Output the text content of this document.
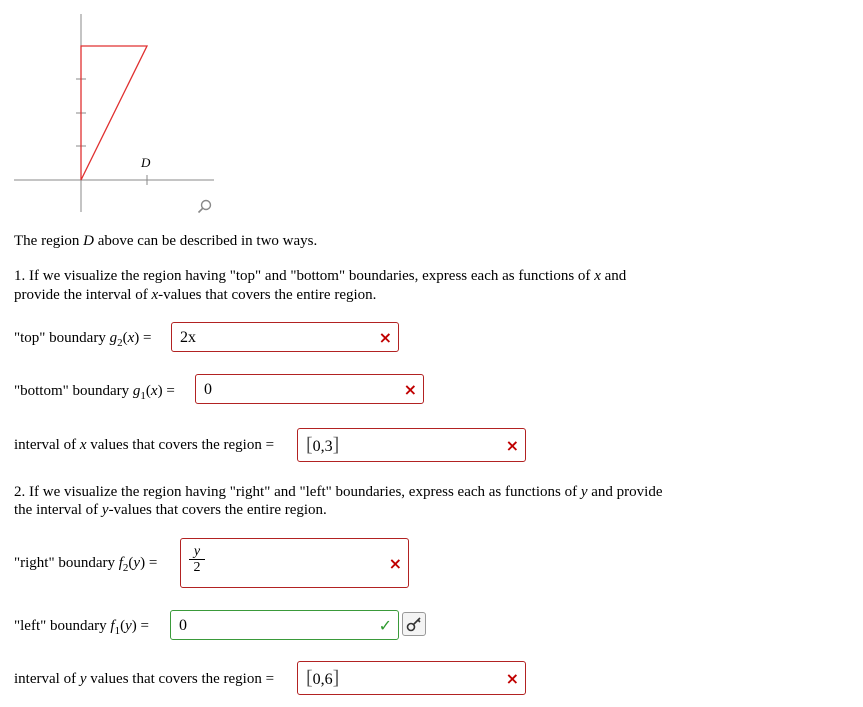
D
The region D above can be described in two ways.
1. If we visualize the region having "top" and "bottom" boundaries, express each as functions of x and
provide the interval of x-values that covers the entire region.
"top" boundary $g_2(x) = 2x$	×
"bottom" boundary $g_1(x) = 0$	×
interval of x values that covers the region = [0,3]	×
2. If we visualize the region having "right" and "left" boundaries, express each as functions of y and provide
the interval of y-values that covers the entire region.
"right" boundary $f_2(y)$ =
y
2	×
"left" boundary $f_1(y) = 0$	✓
interval of y values that covers the region = [0,6]	×
